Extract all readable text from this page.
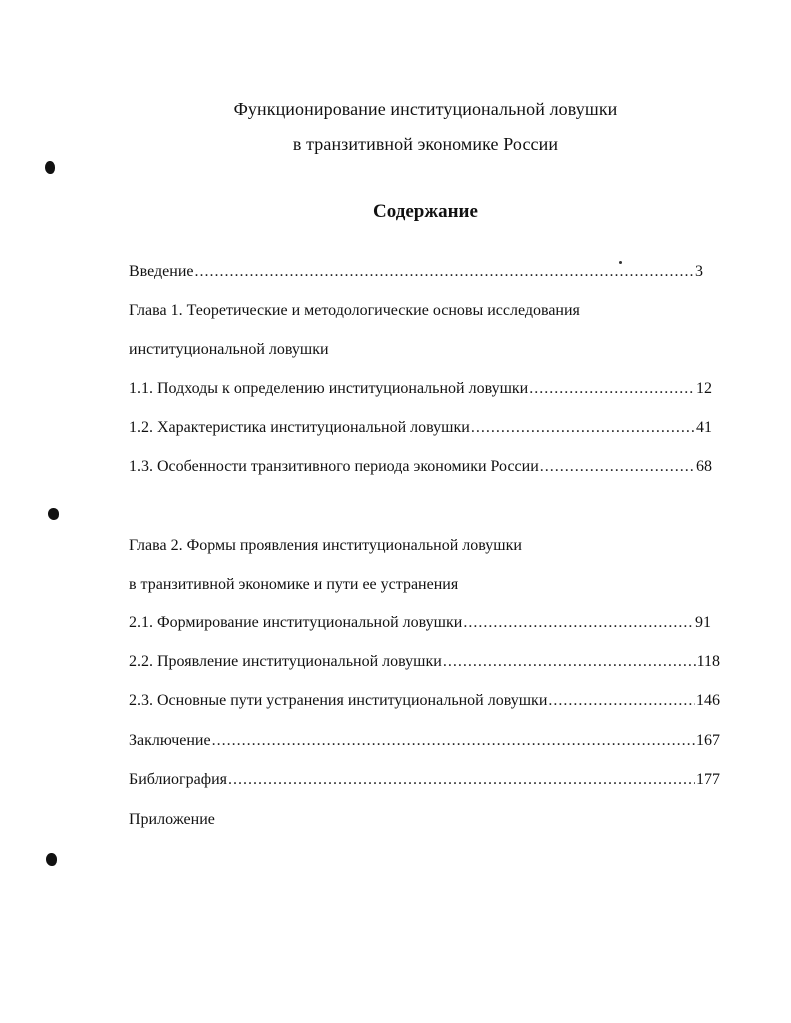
Функционирование институциональной ловушки
в транзитивной экономике России
Содержание
Введение .....	3
Глава 1. Теоретические и методологические основы исследования
институциональной ловушки
1.1. Подходы к определению институциональной ловушки .....	12
1.2. Характеристика институциональной ловушки .....	41
1.3. Особенности транзитивного периода экономики России .....	68
Глава 2. Формы проявления институциональной ловушки
в транзитивной экономике и пути ее устранения
2.1. Формирование институциональной ловушки .....	91
2.2. Проявление институциональной ловушки .....	118
2.3. Основные пути устранения институциональной ловушки .....	146
Заключение .....	167
Библиография .....	177
Приложение
